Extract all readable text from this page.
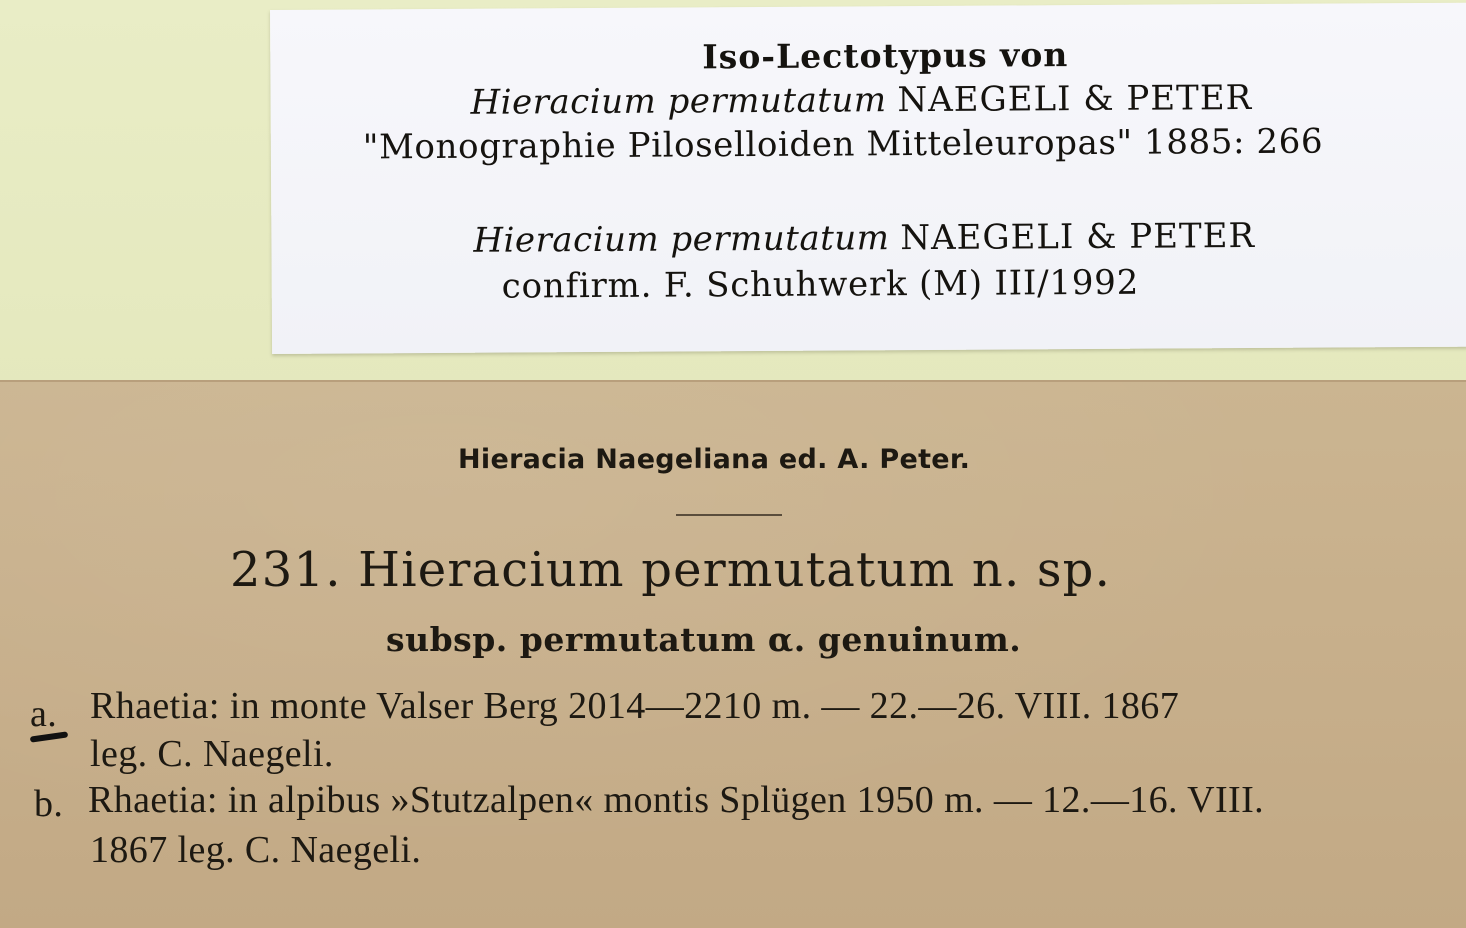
Iso-Lectotypus von
Hieracium permutatum NAEGELI & PETER
"Monographie Piloselloiden Mitteleuropas" 1885: 266
Hieracium permutatum NAEGELI & PETER
confirm. F. Schuhwerk (M) III/1992
Hieracia Naegeliana ed. A. Peter.
231. Hieracium permutatum n. sp.
subsp. permutatum α. genuinum.
a. Rhaetia: in monte Valser Berg 2014—2210 m. — 22.—26. VIII. 1867
leg. C. Naegeli.
b. Rhaetia: in alpibus »Stutzalpen« montis Splügen 1950 m. — 12.—16. VIII.
1867 leg. C. Naegeli.
